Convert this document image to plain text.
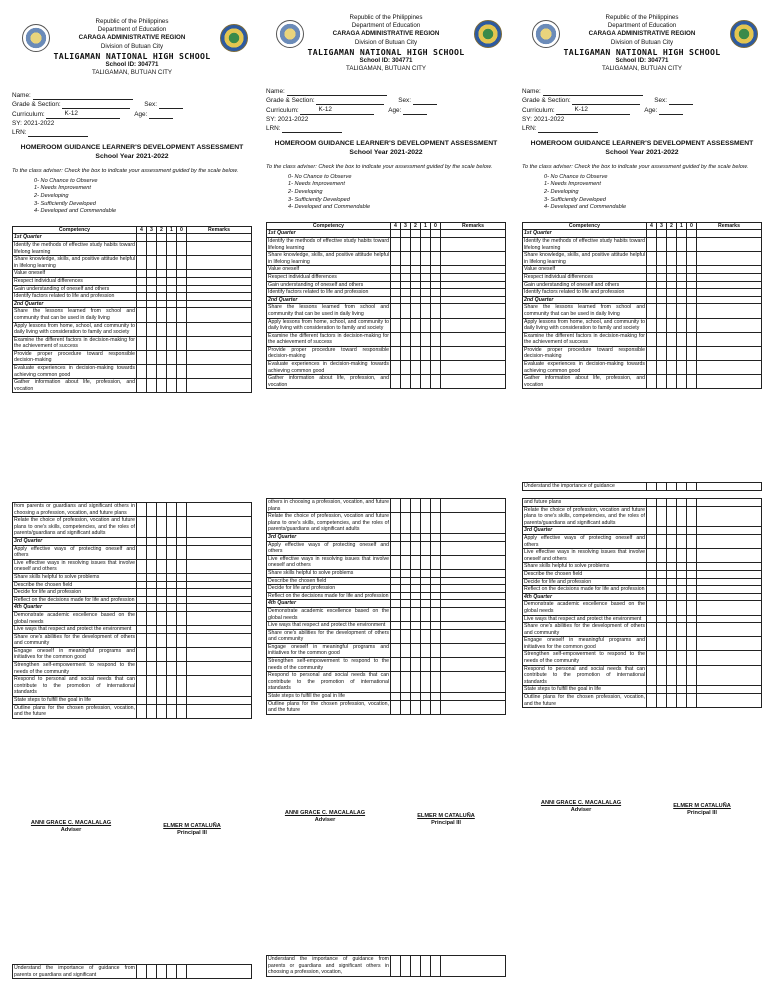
Republic of the Philippines
Department of Education
CARAGA ADMINISTRATIVE REGION
Division of Butuan City
TALIGAMAN NATIONAL HIGH SCHOOL
School ID: 304771
TALIGAMAN, BUTUAN CITY
Name:
Grade & Section:	Sex:
Curriculum:	K-12	Age:
SY: 2021-2022
LRN:
HOMEROOM GUIDANCE LEARNER'S DEVELOPMENT ASSESSMENT
School Year 2021-2022
To the class adviser: Check the box to indicate your assessment guided by the scale below.
0- No Chance to Observe
1- Needs Improvement
2- Developing
3- Sufficiently Developed
4- Developed and Commendable
Competency	4	3	2	1	0	Remarks
1st Quarter						
Identify the methods of effective study habits toward lifelong learning						
Share knowledge, skills, and positive attitude helpful in lifelong learning						
Value oneself						
Respect individual differences						
Gain understanding of oneself and others						
Identify factors related to life and profession						
2nd Quarter						
Share the lessons learned from school and community that can be used in daily living						
Apply lessons from home, school, and community to daily living with consideration to family and society						
Examine the different factors in decision-making for the achievement of success						
Provide proper procedure toward responsible decision-making						
Evaluate experiences in decision-making towards achieving common good						
Gather information about life, profession, and vocation						
from parents or guardians and significant others in choosing a profession, vocation, and future plans						
Relate the choice of profession, vocation and future plans to one's skills, competencies, and the roles of parents/guardians and significant adults						
3rd Quarter						
Apply effective ways of protecting oneself and others						
Live effective ways in resolving issues that involve oneself and others						
Share skills helpful to solve problems						
Describe the chosen field						
Decide for life and profession						
Reflect on the decisions made for life and profession						
4th Quarter						
Demonstrate academic excellence based on the global needs						
Live ways that respect and protect the environment						
Share one's abilities for the development of others and community						
Engage oneself in meaningful programs and initiatives for the common good						
Strengthen self-empowerment to respond to the needs of the community						
Respond to personal and social needs that can contribute to the promotion of international standards						
State steps to fulfill the goal in life						
Outline plans for the chosen profession, vocation, and the future						
ANNI GRACE C. MACALALAG
Adviser
ELMER M CATALUÑA
Principal III
Understand the importance of guidance from parents or guardians and significant						
Republic of the Philippines
Department of Education
CARAGA ADMINISTRATIVE REGION
Division of Butuan City
TALIGAMAN NATIONAL HIGH SCHOOL
School ID: 304771
TALIGAMAN, BUTUAN CITY
Name:
Grade & Section:	Sex:
Curriculum:	K-12	Age:
SY: 2021-2022
LRN:
HOMEROOM GUIDANCE LEARNER'S DEVELOPMENT ASSESSMENT
School Year 2021-2022
To the class adviser: Check the box to indicate your assessment guided by the scale below.
0- No Chance to Observe
1- Needs Improvement
2- Developing
3- Sufficiently Developed
4- Developed and Commendable
Competency	4	3	2	1	0	Remarks
1st Quarter						
Identify the methods of effective study habits toward lifelong learning						
Share knowledge, skills, and positive attitude helpful in lifelong learning						
Value oneself						
Respect individual differences						
Gain understanding of oneself and others						
Identify factors related to life and profession						
2nd Quarter						
Share the lessons learned from school and community that can be used in daily living						
Apply lessons from home, school, and community to daily living with consideration to family and society						
Examine the different factors in decision-making for the achievement of success						
Provide proper procedure toward responsible decision-making						
Evaluate experiences in decision-making towards achieving common good						
Gather information about life, profession, and vocation						
others in choosing a profession, vocation, and future plans						
Relate the choice of profession, vocation and future plans to one's skills, competencies, and the roles of parents/guardians and significant adults						
3rd Quarter						
Apply effective ways of protecting oneself and others						
Live effective ways in resolving issues that involve oneself and others						
Share skills helpful to solve problems						
Describe the chosen field						
Decide for life and profession						
Reflect on the decisions made for life and profession						
4th Quarter						
Demonstrate academic excellence based on the global needs						
Live ways that respect and protect the environment						
Share one's abilities for the development of others and community						
Engage oneself in meaningful programs and initiatives for the common good						
Strengthen self-empowerment to respond to the needs of the community						
Respond to personal and social needs that can contribute to the promotion of international standards						
State steps to fulfill the goal in life						
Outline plans for the chosen profession, vocation, and the future						
ANNI GRACE C. MACALALAG
Adviser
ELMER M CATALUÑA
Principal III
Understand the importance of guidance from parents or guardians and significant others in choosing a profession, vocation,						
Republic of the Philippines
Department of Education
CARAGA ADMINISTRATIVE REGION
Division of Butuan City
TALIGAMAN NATIONAL HIGH SCHOOL
School ID: 304771
TALIGAMAN, BUTUAN CITY
Name:
Grade & Section:	Sex:
Curriculum:	K-12	Age:
SY: 2021-2022
LRN:
HOMEROOM GUIDANCE LEARNER'S DEVELOPMENT ASSESSMENT
School Year 2021-2022
To the class adviser: Check the box to indicate your assessment guided by the scale below.
0- No Chance to Observe
1- Needs Improvement
2- Developing
3- Sufficiently Developed
4- Developed and Commendable
Competency	4	3	2	1	0	Remarks
1st Quarter						
Identify the methods of effective study habits toward lifelong learning						
Share knowledge, skills, and positive attitude helpful in lifelong learning						
Value oneself						
Respect individual differences						
Gain understanding of oneself and others						
Identify factors related to life and profession						
2nd Quarter						
Share the lessons learned from school and community that can be used in daily living						
Apply lessons from home, school, and community to daily living with consideration to family and society						
Examine the different factors in decision-making for the achievement of success						
Provide proper procedure toward responsible decision-making						
Evaluate experiences in decision-making towards achieving common good						
Gather information about life, profession, and vocation						
Understand the importance of guidance						
and future plans						
Relate the choice of profession, vocation and future plans to one's skills, competencies, and the roles of parents/guardians and significant adults						
3rd Quarter						
Apply effective ways of protecting oneself and others						
Live effective ways in resolving issues that involve oneself and others						
Share skills helpful to solve problems						
Describe the chosen field						
Decide for life and profession						
Reflect on the decisions made for life and profession						
4th Quarter						
Demonstrate academic excellence based on the global needs						
Live ways that respect and protect the environment						
Share one's abilities for the development of others and community						
Engage oneself in meaningful programs and initiatives for the common good						
Strengthen self-empowerment to respond to the needs of the community						
Respond to personal and social needs that can contribute to the promotion of international standards						
State steps to fulfill the goal in life						
Outline plans for the chosen profession, vocation, and the future						
ANNI GRACE C. MACALALAG
Adviser
ELMER M CATALUÑA
Principal III
